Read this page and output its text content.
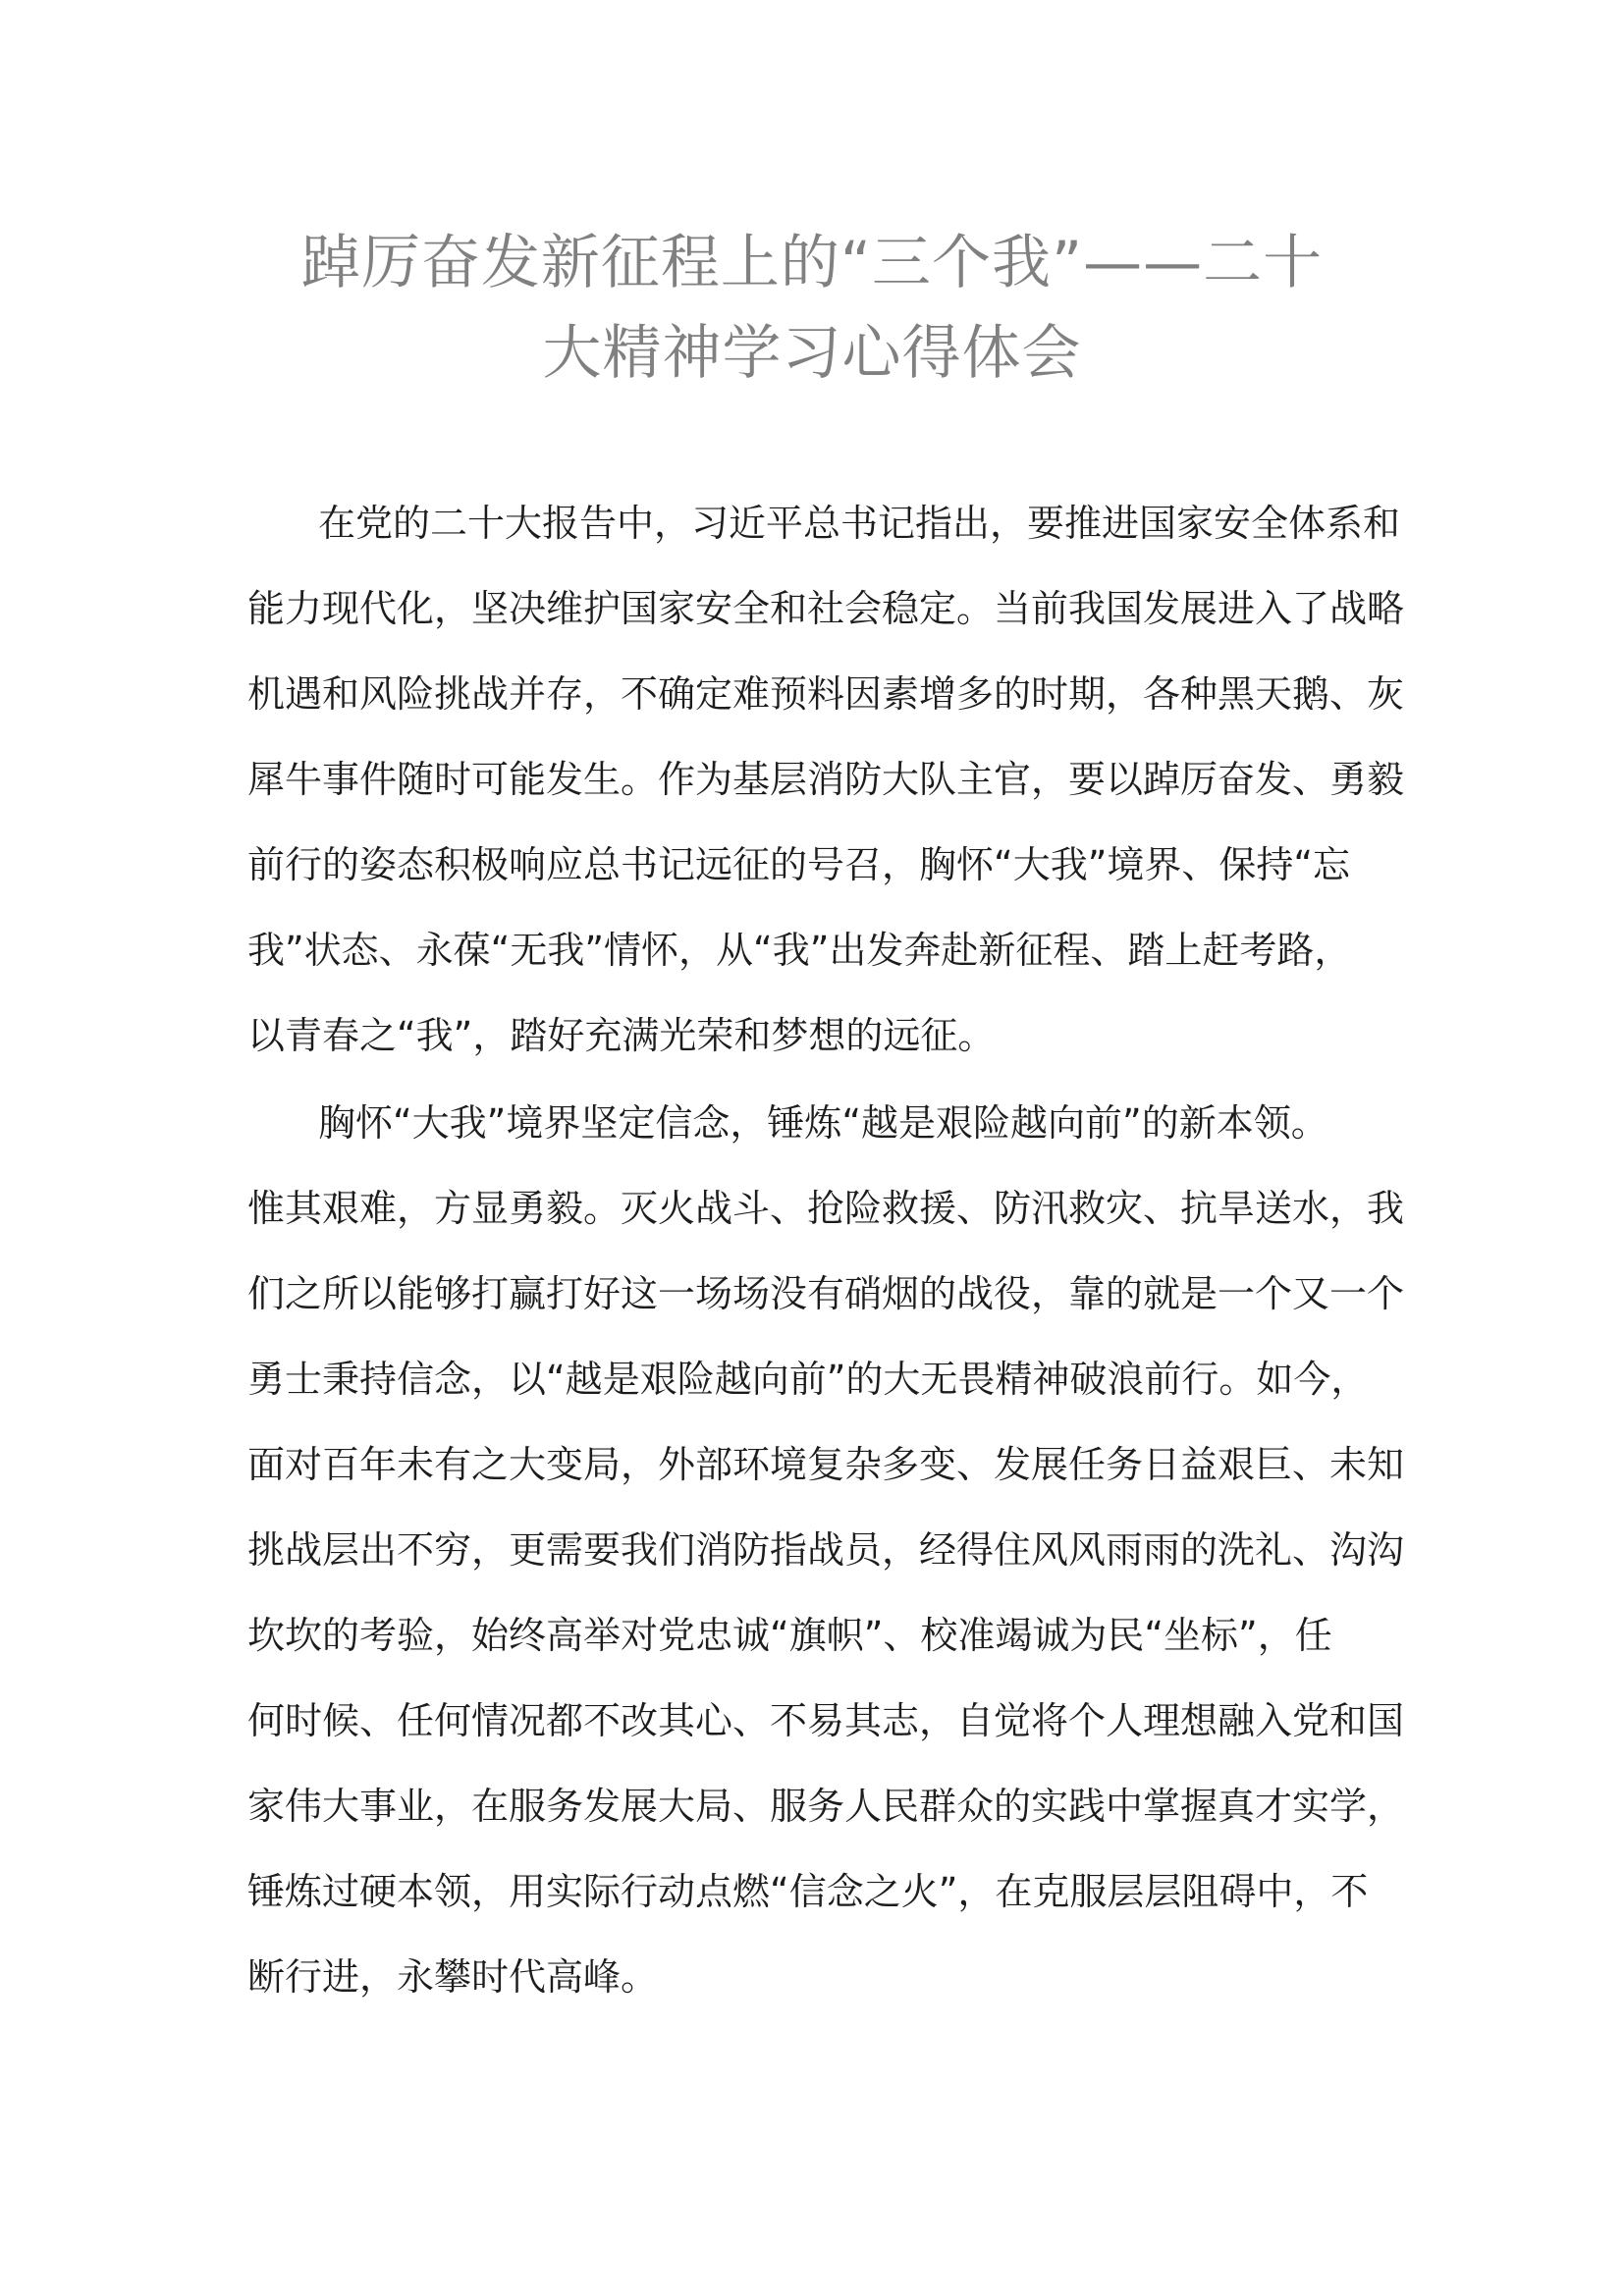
踔厉奋发新征程上的“三个我”——二十
大精神学习心得体会

在党的二十大报告中，习近平总书记指出，要推进国家安全体系和
能力现代化，坚决维护国家安全和社会稳定。当前我国发展进入了战略
机遇和风险挑战并存，不确定难预料因素增多的时期，各种黑天鹅、灰
犀牛事件随时可能发生。作为基层消防大队主官，要以踔厉奋发、勇毅
前行的姿态积极响应总书记远征的号召，胸怀“大我”境界、保持“忘
我”状态、永葆“无我”情怀，从“我”出发奔赴新征程、踏上赶考路，
以青春之“我”，踏好充满光荣和梦想的远征。

胸怀“大我”境界坚定信念，锤炼“越是艰险越向前”的新本领。
惟其艰难，方显勇毅。灭火战斗、抢险救援、防汛救灾、抗旱送水，我
们之所以能够打赢打好这一场场没有硝烟的战役，靠的就是一个又一个
勇士秉持信念，以“越是艰险越向前”的大无畏精神破浪前行。如今，
面对百年未有之大变局，外部环境复杂多变、发展任务日益艰巨、未知
挑战层出不穷，更需要我们消防指战员，经得住风风雨雨的洗礼、沟沟
坎坎的考验，始终高举对党忠诚“旗帜”、校准竭诚为民“坐标”，任
何时候、任何情况都不改其心、不易其志，自觉将个人理想融入党和国
家伟大事业，在服务发展大局、服务人民群众的实践中掌握真才实学，
锤炼过硬本领，用实际行动点燃“信念之火”，在克服层层阻碍中，不
断行进，永攀时代高峰。
